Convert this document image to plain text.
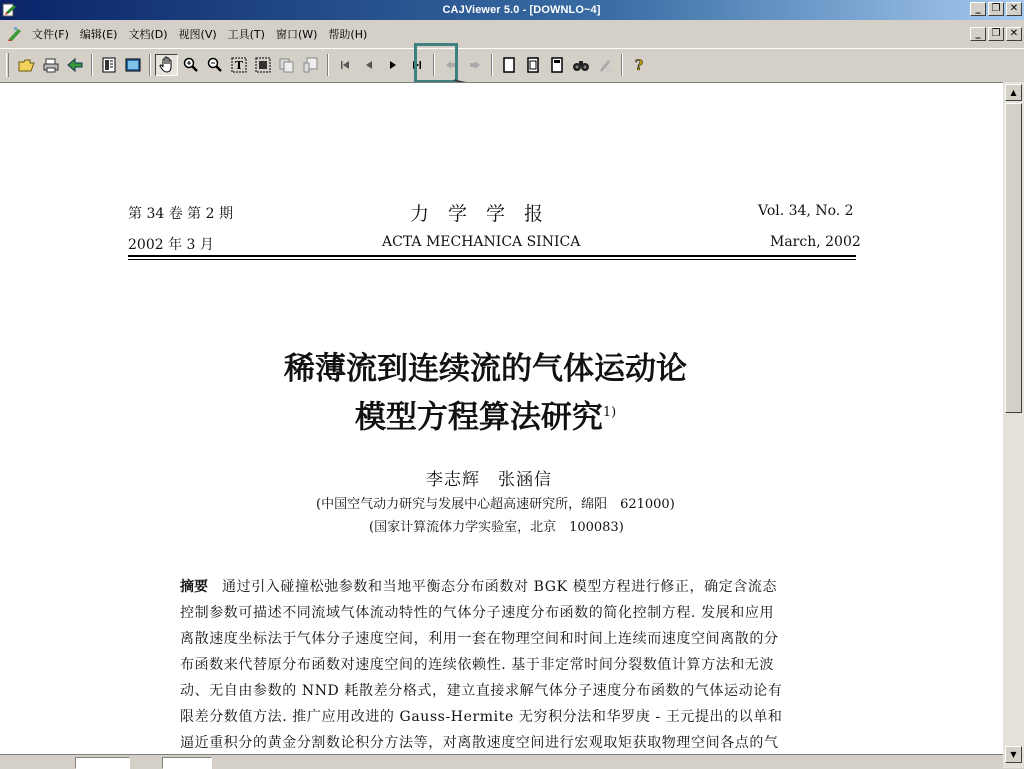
CAJViewer 5.0 - [DOWNLO~4]	_	❐ ✕
文件(F)	编辑(E)	文档(D)	视图(V)	工具(T)	窗口(W)	帮助(H)	_	❐ ✕
T	?
第 34 卷 第 2 期
2002 年 3 月
力　学　学　报
ACTA MECHANICA SINICA
Vol. 34, No. 2
March, 2002
稀薄流到连续流的气体运动论
模型方程算法研究$^{1)}$
李志辉　张涵信
(中国空气动力研究与发展中心超高速研究所，绵阳　621000)
(国家计算流体力学实验室，北京　100083)
摘要 通过引入碰撞松弛参数和当地平衡态分布函数对 BGK 模型方程进行修正，确定含流态
控制参数可描述不同流域气体流动特性的气体分子速度分布函数的简化控制方程. 发展和应用
离散速度坐标法于气体分子速度空间，利用一套在物理空间和时间上连续而速度空间离散的分
布函数来代替原分布函数对速度空间的连续依赖性. 基于非定常时间分裂数值计算方法和无波
动、无自由参数的 NND 耗散差分格式，建立直接求解气体分子速度分布函数的气体运动论有
限差分数值方法. 推广应用改进的 Gauss-Hermite 无穷积分法和华罗庚 - 王元提出的以单和
逼近重积分的黄金分割数论积分方法等，对离散速度空间进行宏观取矩获取物理空间各点的气
▲
▼
